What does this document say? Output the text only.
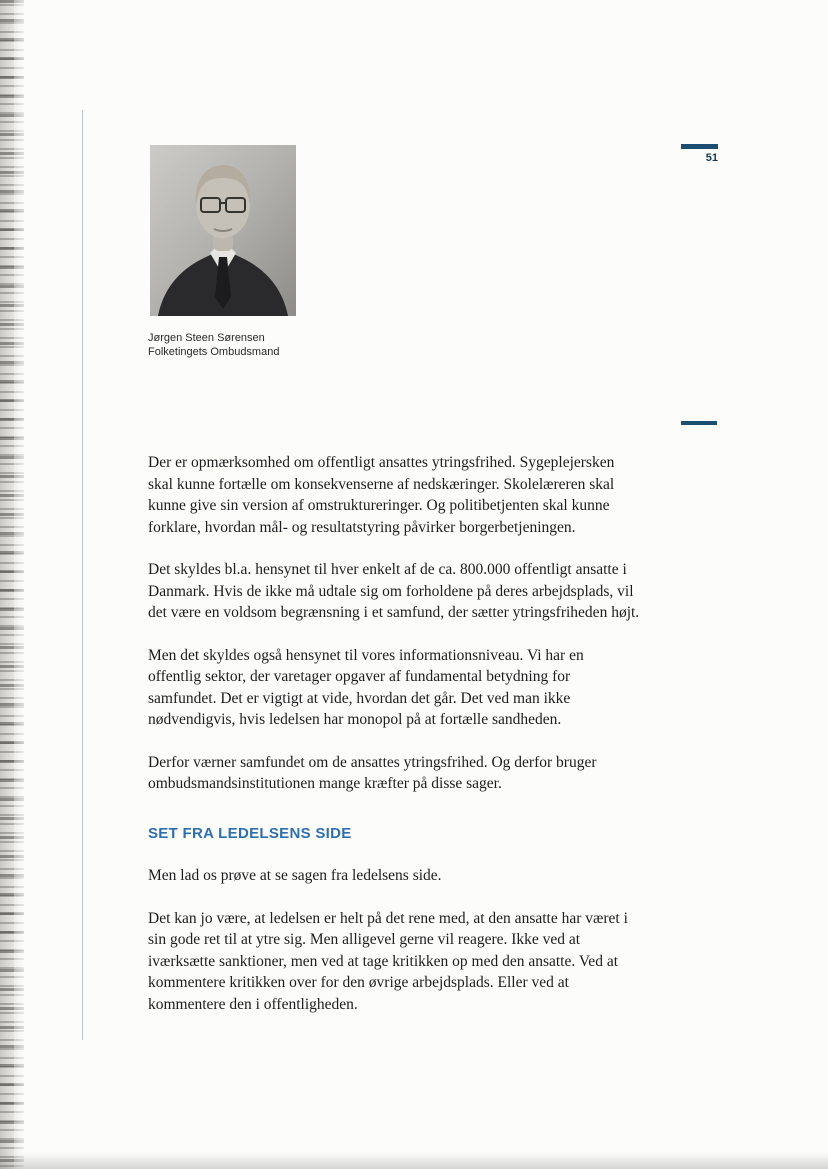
51
Jørgen Steen Sørensen
Folketingets Ombudsmand

Der er opmærksomhed om offentligt ansattes ytringsfrihed. Sygeplejersken skal kunne fortælle om konsekvenserne af nedskæringer. Skolelæreren skal kunne give sin version af omstruktureringer. Og politibetjenten skal kunne forklare, hvordan mål- og resultatstyring påvirker borgerbetjeningen.

Det skyldes bl.a. hensynet til hver enkelt af de ca. 800.000 offentligt ansatte i Danmark. Hvis de ikke må udtale sig om forholdene på deres arbejdsplads, vil det være en voldsom begrænsning i et samfund, der sætter ytringsfriheden højt.

Men det skyldes også hensynet til vores informationsniveau. Vi har en offentlig sektor, der varetager opgaver af fundamental betydning for samfundet. Det er vigtigt at vide, hvordan det går. Det ved man ikke nødvendigvis, hvis ledelsen har monopol på at fortælle sandheden.

Derfor værner samfundet om de ansattes ytringsfrihed. Og derfor bruger ombudsmandsinstitutionen mange kræfter på disse sager.

SET FRA LEDELSENS SIDE

Men lad os prøve at se sagen fra ledelsens side.

Det kan jo være, at ledelsen er helt på det rene med, at den ansatte har været i sin gode ret til at ytre sig. Men alligevel gerne vil reagere. Ikke ved at iværksætte sanktioner, men ved at tage kritikken op med den ansatte. Ved at kommentere kritikken over for den øvrige arbejdsplads. Eller ved at kommentere den i offentligheden.
